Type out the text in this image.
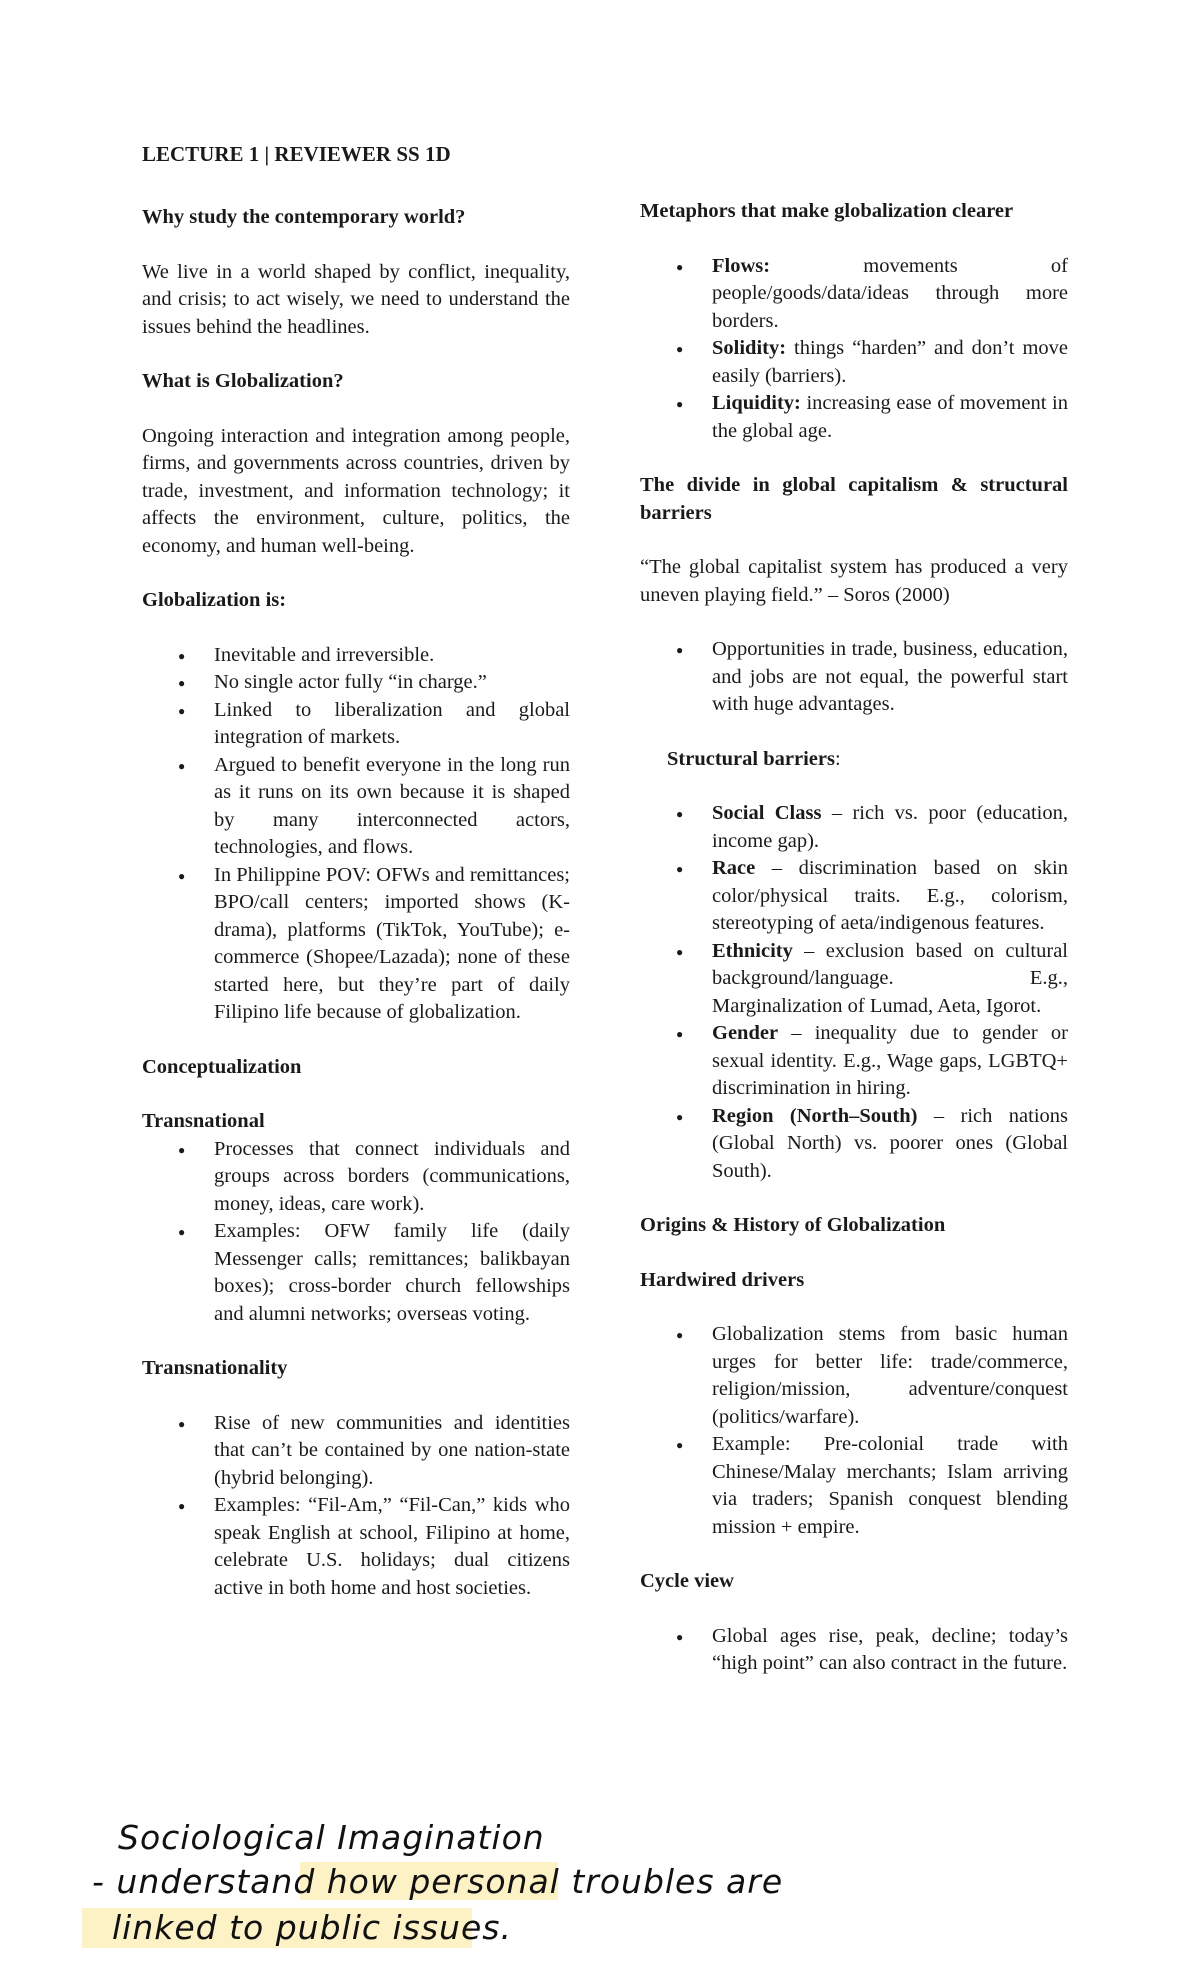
LECTURE 1 | REVIEWER SS 1D
Why study the contemporary world?

We live in a world shaped by conflict, inequality, and crisis; to act wisely, we need to understand the issues behind the headlines.

What is Globalization?

Ongoing interaction and integration among people, firms, and governments across countries, driven by trade, investment, and information technology; it affects the environment, culture, politics, the economy, and human well-being.

Globalization is:
● Inevitable and irreversible.
● No single actor fully “in charge.”
● Linked to liberalization and global integration of markets.
● Argued to benefit everyone in the long run as it runs on its own because it is shaped by many interconnected actors, technologies, and flows.
● In Philippine POV: OFWs and remittances; BPO/call centers; imported shows (K-drama), platforms (TikTok, YouTube); e-commerce (Shopee/Lazada); none of these started here, but they’re part of daily Filipino life because of globalization.
Conceptualization
Transnational
● Processes that connect individuals and groups across borders (communications, money, ideas, care work).
● Examples: OFW family life (daily Messenger calls; remittances; balikbayan boxes); cross-border church fellowships and alumni networks; overseas voting.
Transnationality
● Rise of new communities and identities that can’t be contained by one nation-state (hybrid belonging).
● Examples: “Fil-Am,” “Fil-Can,” kids who speak English at school, Filipino at home, celebrate U.S. holidays; dual citizens active in both home and host societies.
Sociological Imagination
- understand how personal troubles are
linked to public issues.
Metaphors that make globalization clearer
● Flows: movements of people/goods/data/ideas through more borders.
● Solidity: things “harden” and don’t move easily (barriers).
● Liquidity: increasing ease of movement in the global age.
The divide in global capitalism & structural barriers

“The global capitalist system has produced a very uneven playing field.” – Soros (2000)

● Opportunities in trade, business, education, and jobs are not equal, the powerful start with huge advantages.

Structural barriers:

● Social Class – rich vs. poor (education, income gap).
● Race – discrimination based on skin color/physical traits. E.g., colorism, stereotyping of aeta/indigenous features.
● Ethnicity – exclusion based on cultural background/language. E.g., Marginalization of Lumad, Aeta, Igorot.
● Gender – inequality due to gender or sexual identity. E.g., Wage gaps, LGBTQ+ discrimination in hiring.
● Region (North–South) – rich nations (Global North) vs. poorer ones (Global South).
Origins & History of Globalization
Hardwired drivers
● Globalization stems from basic human urges for better life: trade/commerce, religion/mission, adventure/conquest (politics/warfare).
● Example: Pre-colonial trade with Chinese/Malay merchants; Islam arriving via traders; Spanish conquest blending mission + empire.
Cycle view
● Global ages rise, peak, decline; today’s “high point” can also contract in the future.
